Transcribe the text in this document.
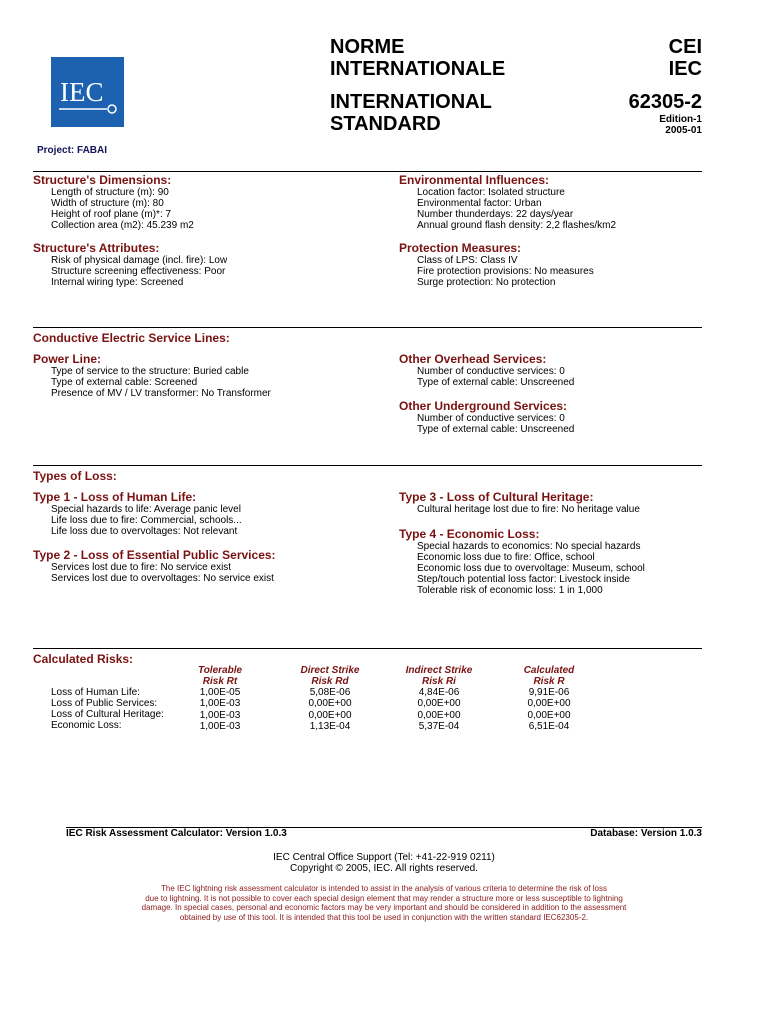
IEC
NORME
INTERNATIONALE
INTERNATIONAL
STANDARD
CEI
IEC
62305-2
Edition-1
2005-01
Project: FABAI
Structure's Dimensions:
Length of structure (m): 90
Width of structure (m): 80
Height of roof plane (m)*: 7
Collection area (m2): 45.239 m2
Environmental Influences:
Location factor: Isolated structure
Environmental factor: Urban
Number thunderdays: 22 days/year
Annual ground flash density: 2,2 flashes/km2
Structure's Attributes:
Risk of physical damage (incl. fire): Low
Structure screening effectiveness: Poor
Internal wiring type: Screened
Protection Measures:
Class of LPS: Class IV
Fire protection provisions: No measures
Surge protection: No protection
Conductive Electric Service Lines:
Power Line:
Type of service to the structure: Buried cable
Type of external cable: Screened
Presence of MV / LV transformer: No Transformer
Other Overhead Services:
Number of conductive services: 0
Type of external cable: Unscreened
Other Underground Services:
Number of conductive services: 0
Type of external cable: Unscreened
Types of Loss:
Type 1 - Loss of Human Life:
Special hazards to life: Average panic level
Life loss due to fire: Commercial, schools...
Life loss due to overvoltages: Not relevant
Type 2 - Loss of Essential Public Services:
Services lost due to fire: No service exist
Services lost due to overvoltages: No service exist
Type 3 - Loss of Cultural Heritage:
Cultural heritage lost due to fire: No heritage value
Type 4 - Economic Loss:
Special hazards to economics: No special hazards
Economic loss due to fire: Office, school
Economic loss due to overvoltage: Museum, school
Step/touch potential loss factor: Livestock inside
Tolerable risk of economic loss: 1 in 1,000
Calculated Risks:
Tolerable
Risk Rt
Direct Strike
Risk Rd
Indirect Strike
Risk Ri
Calculated
Risk R
Loss of Human Life:
Loss of Public Services:
Loss of Cultural Heritage:
Economic Loss:
1,00E-05
1,00E-03
1,00E-03
1,00E-03
5,08E-06
0,00E+00
0,00E+00
1,13E-04
4,84E-06
0,00E+00
0,00E+00
5,37E-04
9,91E-06
0,00E+00
0,00E+00
6,51E-04
IEC Risk Assessment Calculator: Version 1.0.3	Database: Version 1.0.3
IEC Central Office Support (Tel: +41-22-919 0211)
Copyright © 2005, IEC. All rights reserved.
The IEC lightning risk assessment calculator is intended to assist in the analysis of various criteria to determine the risk of loss
due to lightning. It is not possible to cover each special design element that may render a structure more or less susceptible to lightning
damage. In special cases, personal and economic factors may be very important and should be considered in addition to the assessment
obtained by use of this tool. It is intended that this tool be used in conjunction with the written standard IEC62305-2.
